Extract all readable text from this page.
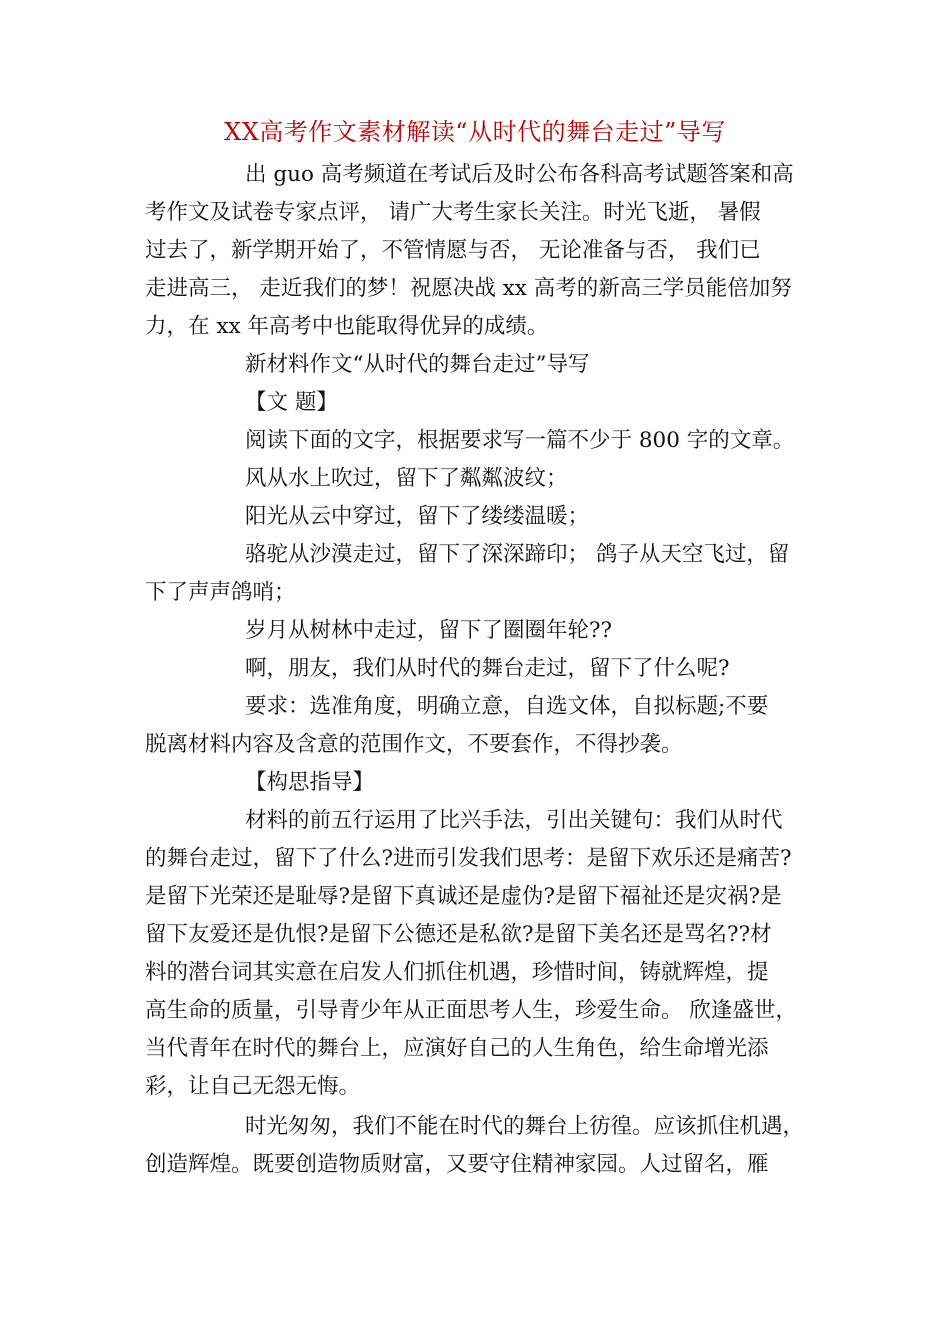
XX高考作文素材解读“从时代的舞台走过”导写
出 guo 高考频道在考试后及时公布各科高考试题答案和高
考作文及试卷专家点评， 请广大考生家长关注。时光飞逝， 暑假
过去了，新学期开始了，不管情愿与否， 无论准备与否， 我们已
走进高三， 走近我们的梦！祝愿决战 xx 高考的新高三学员能倍加努
力，在 xx 年高考中也能取得优异的成绩。
新材料作文“从时代的舞台走过”导写
【文 题】
阅读下面的文字，根据要求写一篇不少于 800 字的文章。
风从水上吹过，留下了粼粼波纹；
阳光从云中穿过，留下了缕缕温暖；
骆驼从沙漠走过，留下了深深蹄印； 鸽子从天空飞过，留
下了声声鸽哨；
岁月从树林中走过，留下了圈圈年轮??
啊，朋友，我们从时代的舞台走过，留下了什么呢?
要求：选准角度，明确立意，自选文体，自拟标题;不要
脱离材料内容及含意的范围作文，不要套作，不得抄袭。
【构思指导】
材料的前五行运用了比兴手法，引出关键句：我们从时代
的舞台走过，留下了什么?进而引发我们思考：是留下欢乐还是痛苦?
是留下光荣还是耻辱?是留下真诚还是虚伪?是留下福祉还是灾祸?是
留下友爱还是仇恨?是留下公德还是私欲?是留下美名还是骂名??材
料的潜台词其实意在启发人们抓住机遇，珍惜时间，铸就辉煌，提
高生命的质量，引导青少年从正面思考人生，珍爱生命。 欣逢盛世，
当代青年在时代的舞台上，应演好自己的人生角色，给生命增光添
彩，让自己无怨无悔。
时光匆匆，我们不能在时代的舞台上彷徨。应该抓住机遇，
创造辉煌。既要创造物质财富，又要守住精神家园。人过留名，雁
